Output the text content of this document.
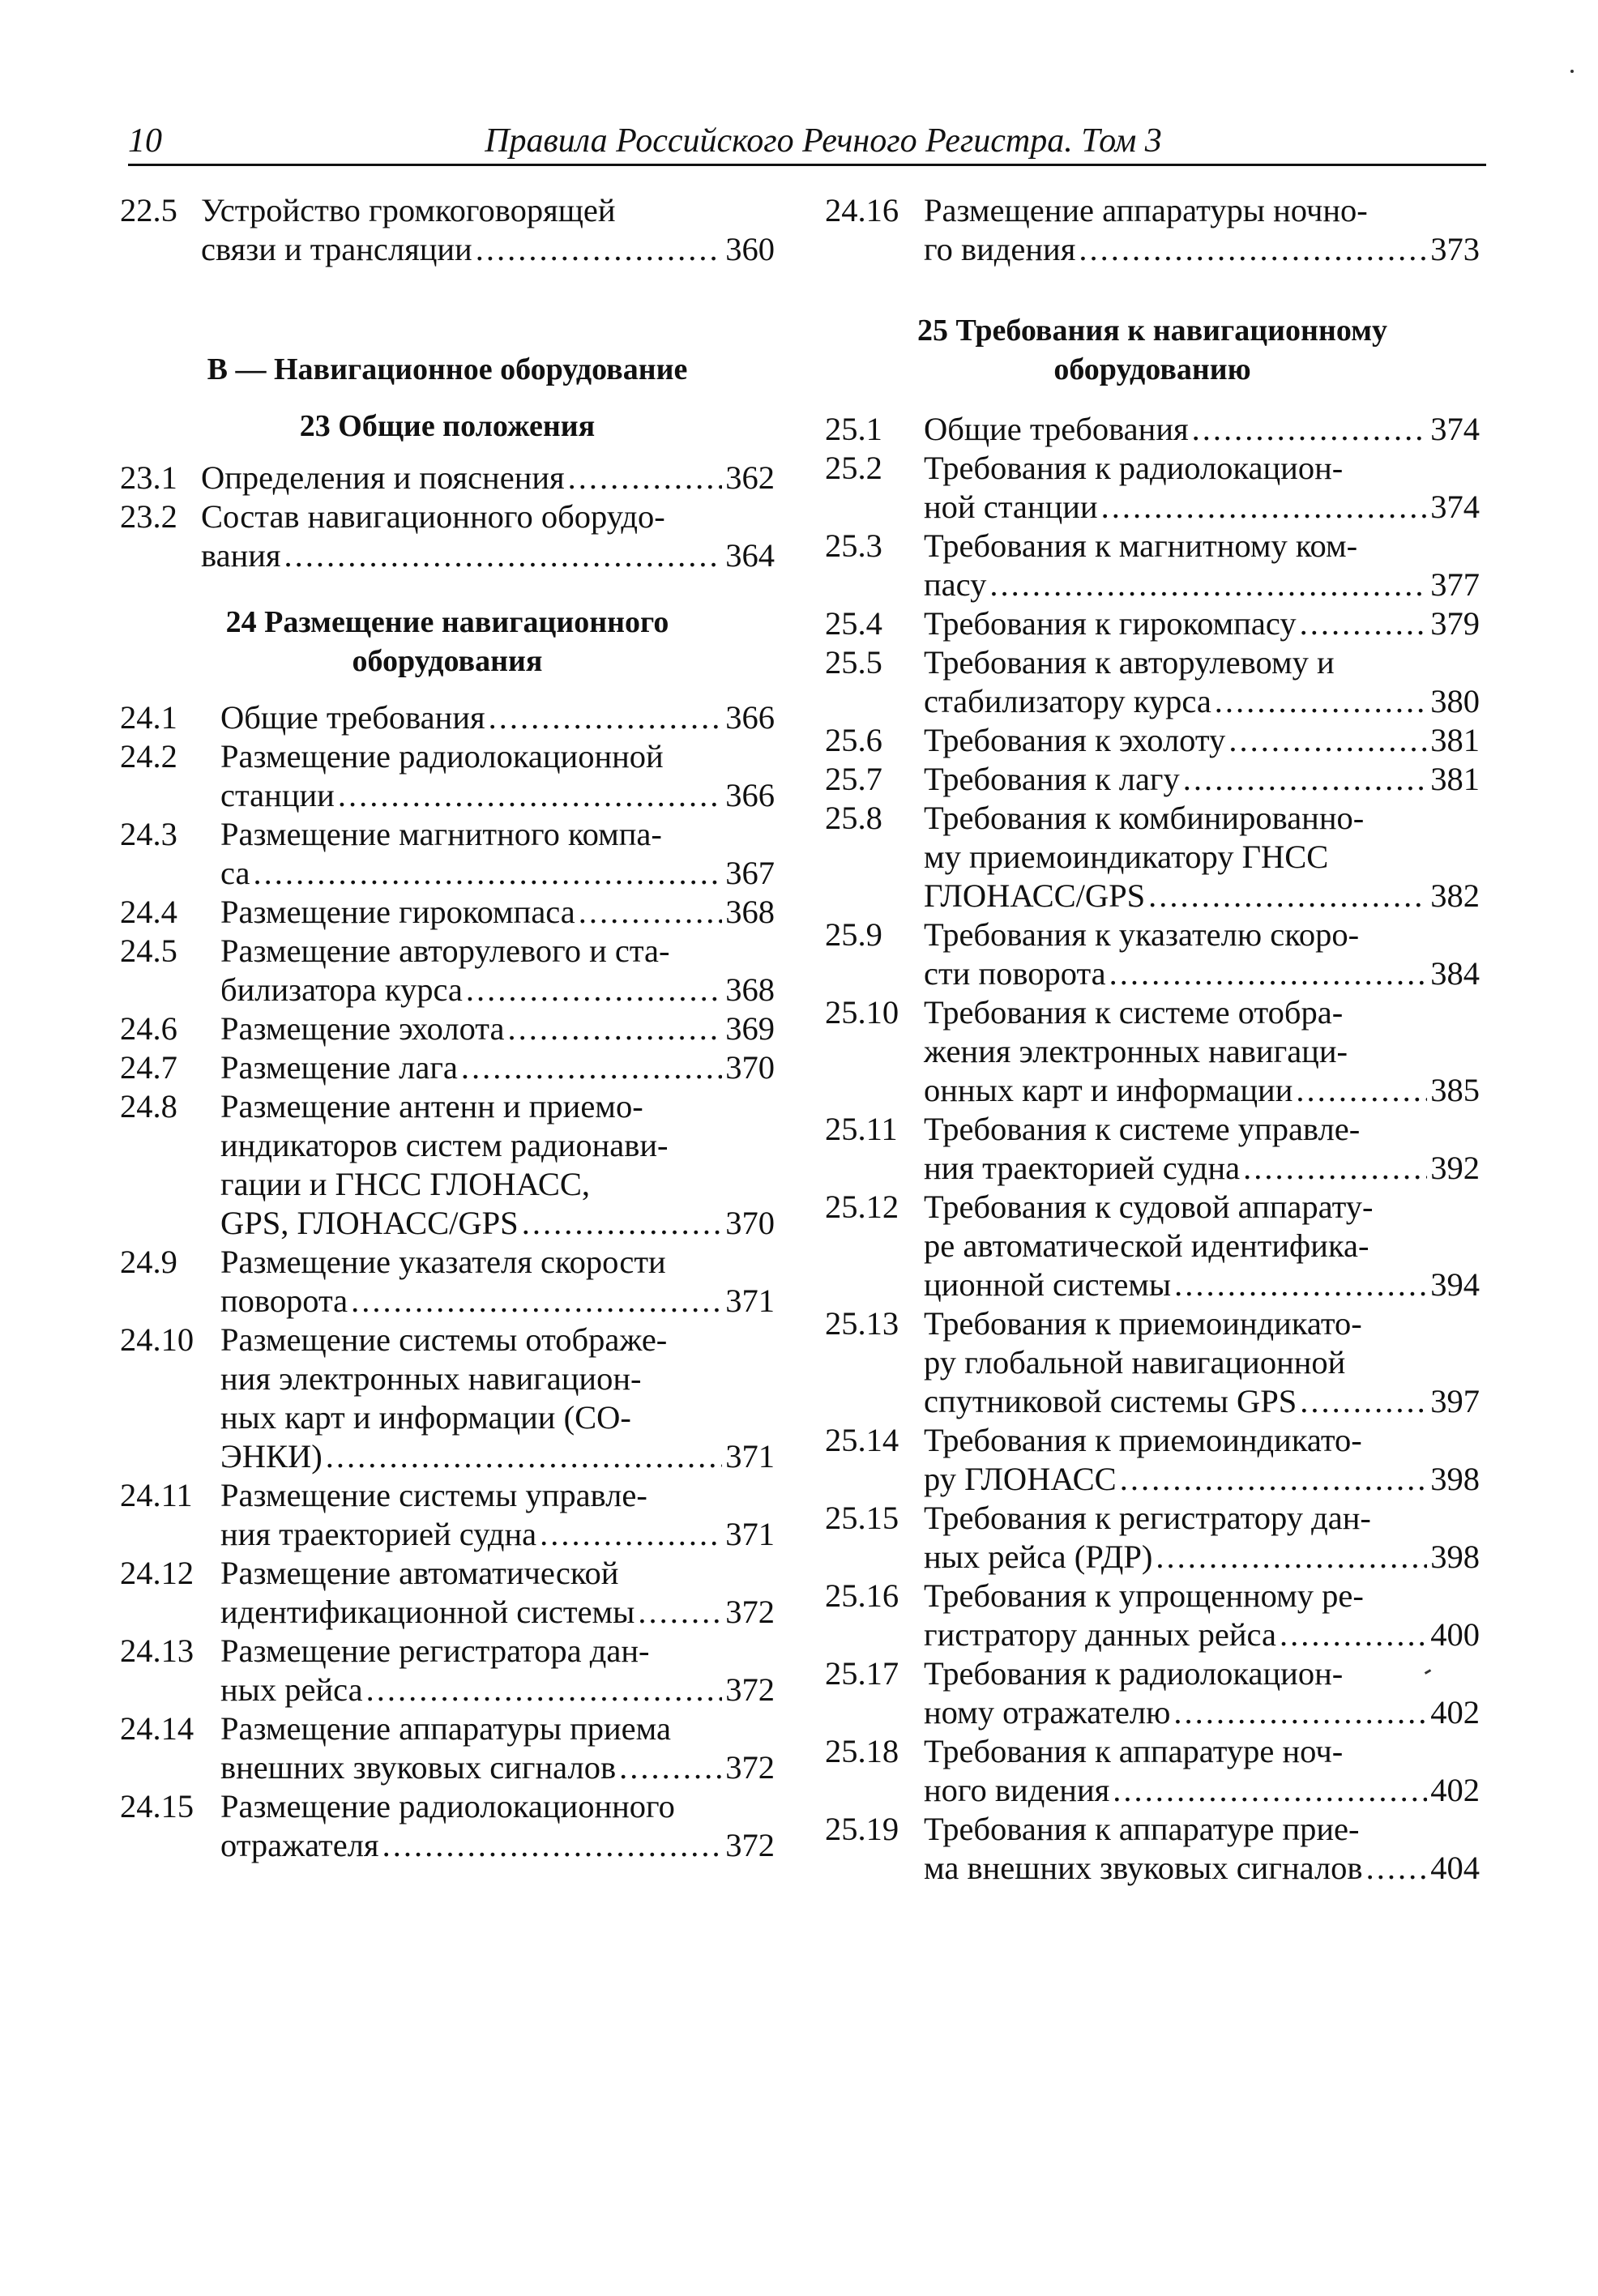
10	Правила Российского Речного Регистра. Том 3
22.5 Устройство громкоговорящей
связи и трансляции .....	360
В — Навигационное оборудование
23 Общие положения
23.1 Определения и пояснения .....	362
23.2 Состав навигационного оборудо-
вания .....	364
24 Размещение навигационного
оборудования
24.1	Общие требования .....	366
24.2	Размещение радиолокационной
станции .....	366
24.3	Размещение магнитного компа-
са .....	367
24.4	Размещение гирокомпаса .....	368
24.5	Размещение авторулевого и ста-
билизатора курса .....	368
24.6	Размещение эхолота .....	369
24.7	Размещение лага .....	370
24.8	Размещение антенн и приемо-
индикаторов систем радионави-
гации и ГНСС ГЛОНАСС,
GPS, ГЛОНАСС/GPS .....	370
24.9	Размещение указателя скорости
поворота .....	371
24.10 Размещение системы отображе-
ния электронных навигацион-
ных карт и информации (СО-
ЭНКИ) .....	371
24.11 Размещение системы управле-
ния траекторией судна .....	371
24.12 Размещение автоматической
идентификационной системы .....	372
24.13 Размещение регистратора дан-
ных рейса .....	372
24.14 Размещение аппаратуры приема
внешних звуковых сигналов .....	372
24.15 Размещение радиолокационного
отражателя .....	372
24.16 Размещение аппаратуры ночно-
го видения .....	373
25 Требования к навигационному
оборудованию
25.1	Общие требования .....	374
25.2	Требования к радиолокацион-
ной станции .....	374
25.3	Требования к магнитному ком-
пасу .....	377
25.4	Требования к гирокомпасу .....	379
25.5	Требования к авторулевому и
стабилизатору курса .....	380
25.6	Требования к эхолоту .....	381
25.7	Требования к лагу .....	381
25.8	Требования к комбинированно-
му приемоиндикатору ГНСС
ГЛОНАСС/GPS .....	382
25.9	Требования к указателю скоро-
сти поворота .....	384
25.10 Требования к системе отобра-
жения электронных навигаци-
онных карт и информации .....	385
25.11 Требования к системе управле-
ния траекторией судна .....	392
25.12 Требования к судовой аппарату-
ре автоматической идентифика-
ционной системы .....	394
25.13 Требования к приемоиндикато-
ру глобальной навигационной
спутниковой системы GPS .....	397
25.14 Требования к приемоиндикато-
ру ГЛОНАСС .....	398
25.15 Требования к регистратору дан-
ных рейса (РДР) .....	398
25.16 Требования к упрощенному ре-
гистратору данных рейса .....	400
25.17 Требования к радиолокацион-
ному отражателю .....	402
25.18 Требования к аппаратуре ноч-
ного видения .....	402
25.19 Требования к аппаратуре прие-
ма внешних звуковых сигналов ..... 404
